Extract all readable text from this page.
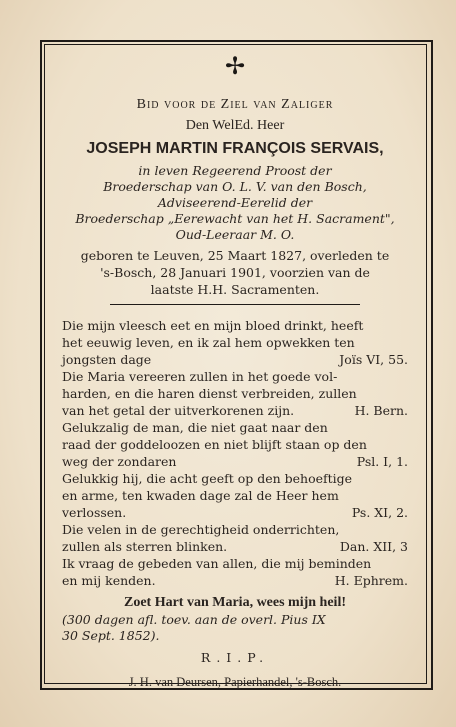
✢
Bid voor de Ziel van Zaliger
Den WelEd. Heer
JOSEPH MARTIN FRANÇOIS SERVAIS,
in leven Regeerend Proost der
Broederschap van O. L. V. van den Bosch,
Adviseerend-Eerelid der
Broederschap „Eerewacht van het H. Sacrament",
Oud-Leeraar M. O.
geboren te Leuven, 25 Maart 1827, overleden te
's-Bosch, 28 Januari 1901, voorzien van de
laatste H.H. Sacramenten.
Die mijn vleesch eet en mijn bloed drinkt, heeft
het eeuwig leven, en ik zal hem opwekken ten
jongsten dage	Joïs VI, 55.
Die Maria vereeren zullen in het goede vol-
harden, en die haren dienst verbreiden, zullen
van het getal der uitverkorenen zijn.	H. Bern.
Gelukzalig de man, die niet gaat naar den
raad der goddeloozen en niet blijft staan op den
weg der zondaren	Psl. I, 1.
Gelukkig hij, die acht geeft op den behoeftige
en arme, ten kwaden dage zal de Heer hem
verlossen.	Ps. XI, 2.
Die velen in de gerechtigheid onderrichten,
zullen als sterren blinken.	Dan. XII, 3
Ik vraag de gebeden van allen, die mij beminden
en mij kenden.	H. Ephrem.
Zoet Hart van Maria, wees mijn heil!
(300 dagen afl. toev. aan de overl. Pius IX
30 Sept. 1852).
R.I.P.
J. H. van Deursen, Papierhandel, 's-Bosch.
